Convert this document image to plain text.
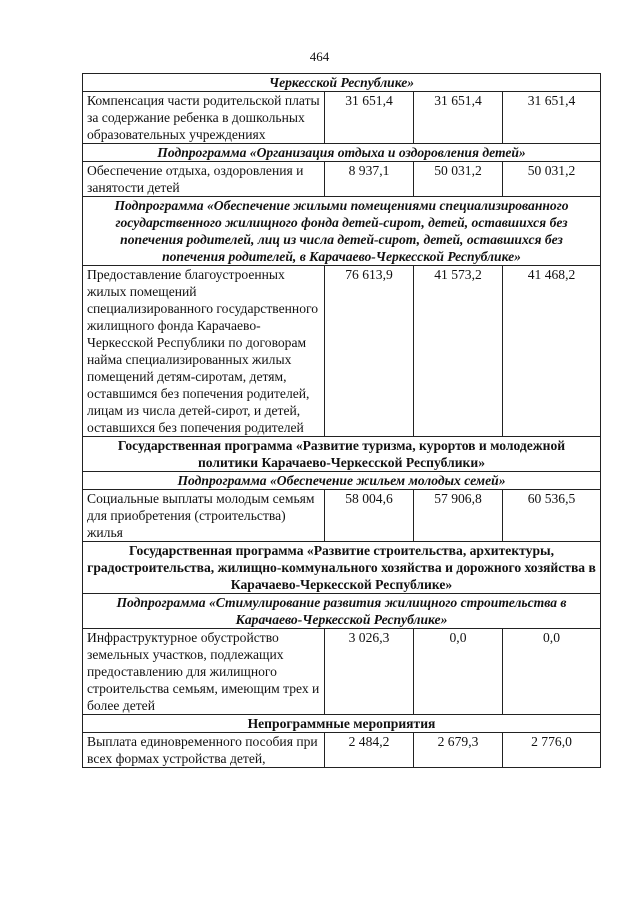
464
Черкесской Республике»			
Компенсация части родительской платы за содержание ребенка в дошкольных образовательных учреждениях	31 651,4	31 651,4	31 651,4
Подпрограмма «Организация отдыха и оздоровления детей»			
Обеспечение отдыха, оздоровления и занятости детей	8 937,1	50 031,2	50 031,2
Подпрограмма «Обеспечение жилыми помещениями специализированного государственного жилищного фонда детей-сирот, детей, оставшихся без попечения родителей, лиц из числа детей-сирот, детей, оставшихся без попечения родителей, в Карачаево-Черкесской Республике»			
Предоставление благоустроенных жилых помещений специализированного государственного жилищного фонда Карачаево-Черкесской Республики по договорам найма специализированных жилых помещений детям-сиротам, детям, оставшимся без попечения родителей, лицам из числа детей-сирот, и детей, оставшихся без попечения родителей	76 613,9	41 573,2	41 468,2
Государственная программа «Развитие туризма, курортов и молодежной политики Карачаево-Черкесской Республики»			
Подпрограмма «Обеспечение жильем молодых семей»			
Социальные выплаты молодым семьям для приобретения (строительства) жилья	58 004,6	57 906,8	60 536,5
Государственная программа «Развитие строительства, архитектуры, градостроительства, жилищно-коммунального хозяйства и дорожного хозяйства в Карачаево-Черкесской Республике»			
Подпрограмма «Стимулирование развития жилищного строительства в Карачаево-Черкесской Республике»			
Инфраструктурное обустройство земельных участков, подлежащих предоставлению для жилищного строительства семьям, имеющим трех и более детей	3 026,3	0,0	0,0
Непрограммные мероприятия			
Выплата единовременного пособия при всех формах устройства детей,	2 484,2	2 679,3	2 776,0
